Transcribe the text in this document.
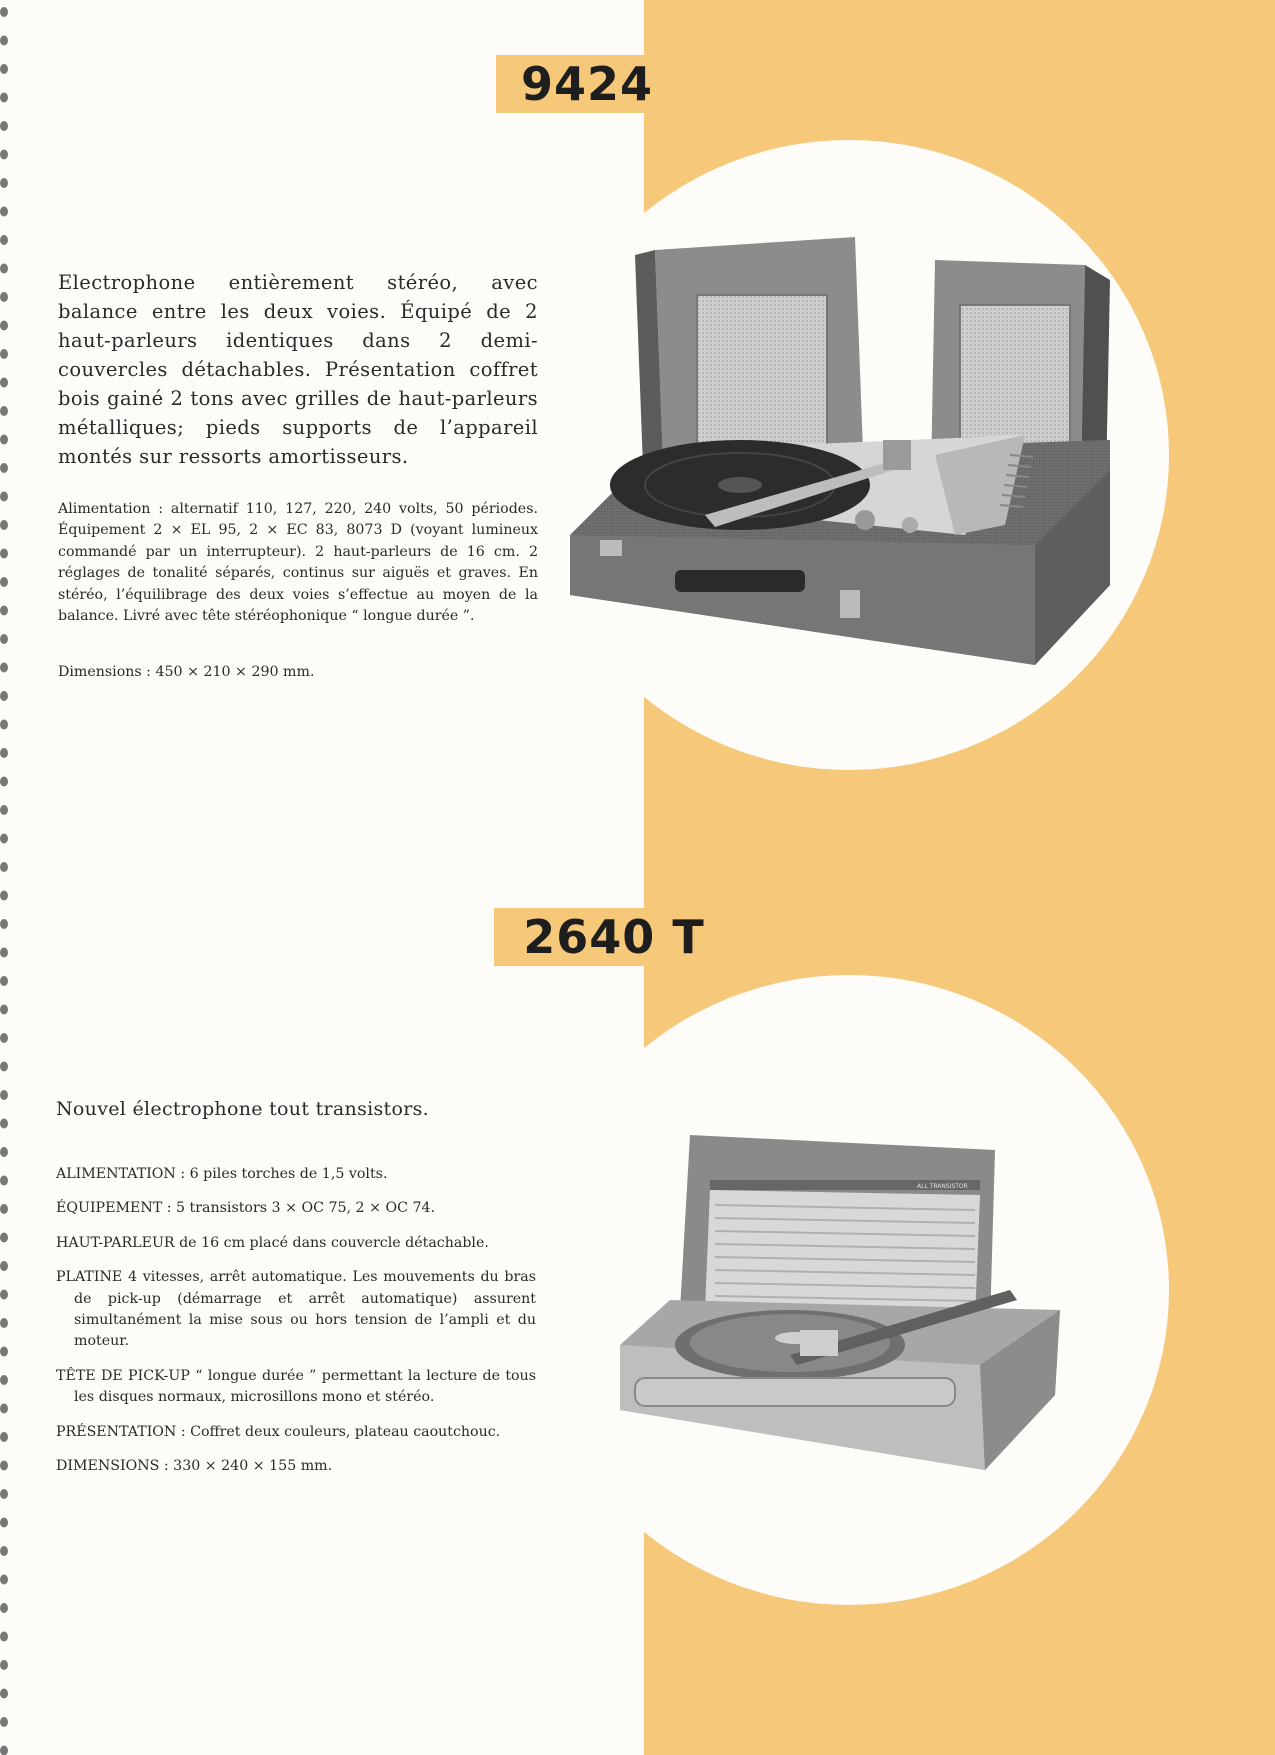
9424

Electrophone entièrement stéréo, avec balance entre les deux voies. Équipé de 2 haut-parleurs identiques dans 2 demi-couvercles détachables. Présentation coffret bois gainé 2 tons avec grilles de haut-parleurs métalliques; pieds supports de l’appareil montés sur ressorts amortisseurs.

Alimentation : alternatif 110, 127, 220, 240 volts, 50 périodes. Équipement 2 × EL 95, 2 × EC 83, 8073 D (voyant lumineux commandé par un interrupteur). 2 haut-parleurs de 16 cm. 2 réglages de tonalité séparés, continus sur aiguës et graves. En stéréo, l’équilibrage des deux voies s’effectue au moyen de la balance. Livré avec tête stéréophonique “ longue durée ”.

Dimensions : 450 × 210 × 290 mm.

2640 T

Nouvel électrophone tout transistors.

ALIMENTATION : 6 piles torches de 1,5 volts.

ÉQUIPEMENT : 5 transistors 3 × OC 75, 2 × OC 74.

HAUT-PARLEUR de 16 cm placé dans couvercle détachable.

PLATINE 4 vitesses, arrêt automatique. Les mouvements du bras de pick-up (démarrage et arrêt automatique) assurent simultanément la mise sous ou hors tension de l’ampli et du moteur.

TÊTE DE PICK-UP “ longue durée ” permettant la lecture de tous les disques normaux, microsillons mono et stéréo.

PRÉSENTATION : Coffret deux couleurs, plateau caoutchouc.

DIMENSIONS : 330 × 240 × 155 mm.

ALL TRANSISTOR
